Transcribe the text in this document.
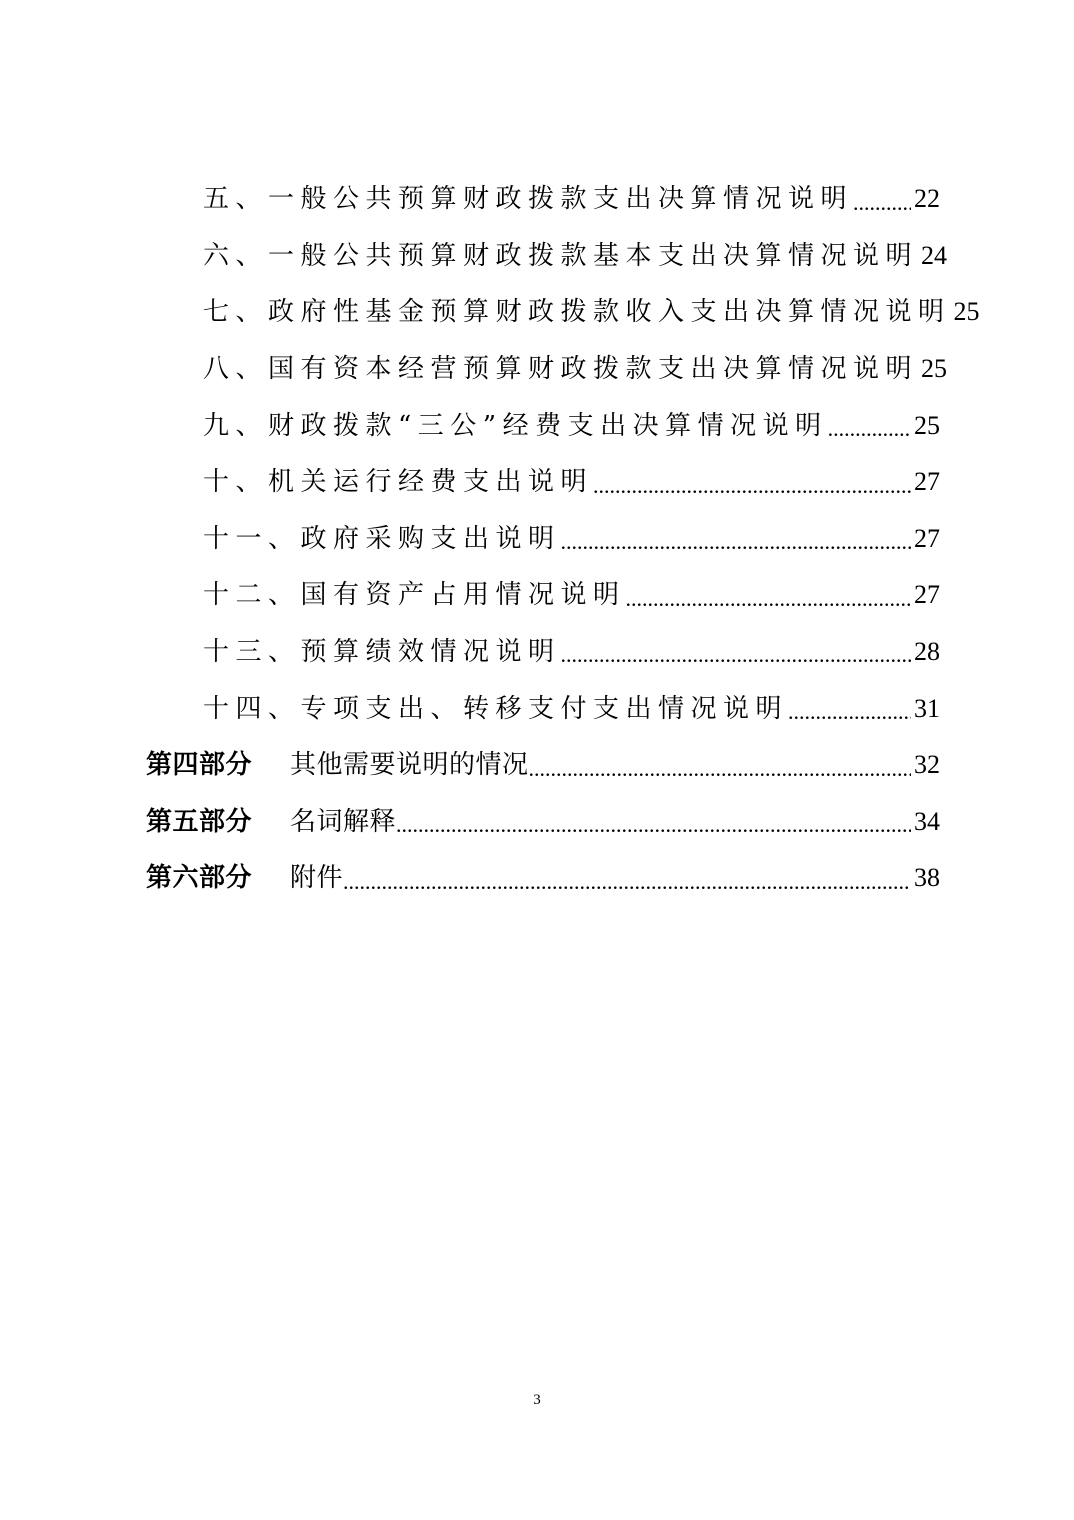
五、一般公共预算财政拨款支出决算情况说明 ..... 22
六、一般公共预算财政拨款基本支出决算情况说明 24
七、政府性基金预算财政拨款收入支出决算情况说明 25
八、国有资本经营预算财政拨款支出决算情况说明 25
九、财政拨款“三公”经费支出决算情况说明 .....	25
十、机关运行经费支出说明 .....	27
十一、政府采购支出说明 .....	27
十二、国有资产占用情况说明 .....	27
十三、预算绩效情况说明 .....	28
十四、专项支出、转移支付支出情况说明 .....	31
第四部分 其他需要说明的情况 .....	32
第五部分 名词解释 .....	34
第六部分 附件 .....	38
3
